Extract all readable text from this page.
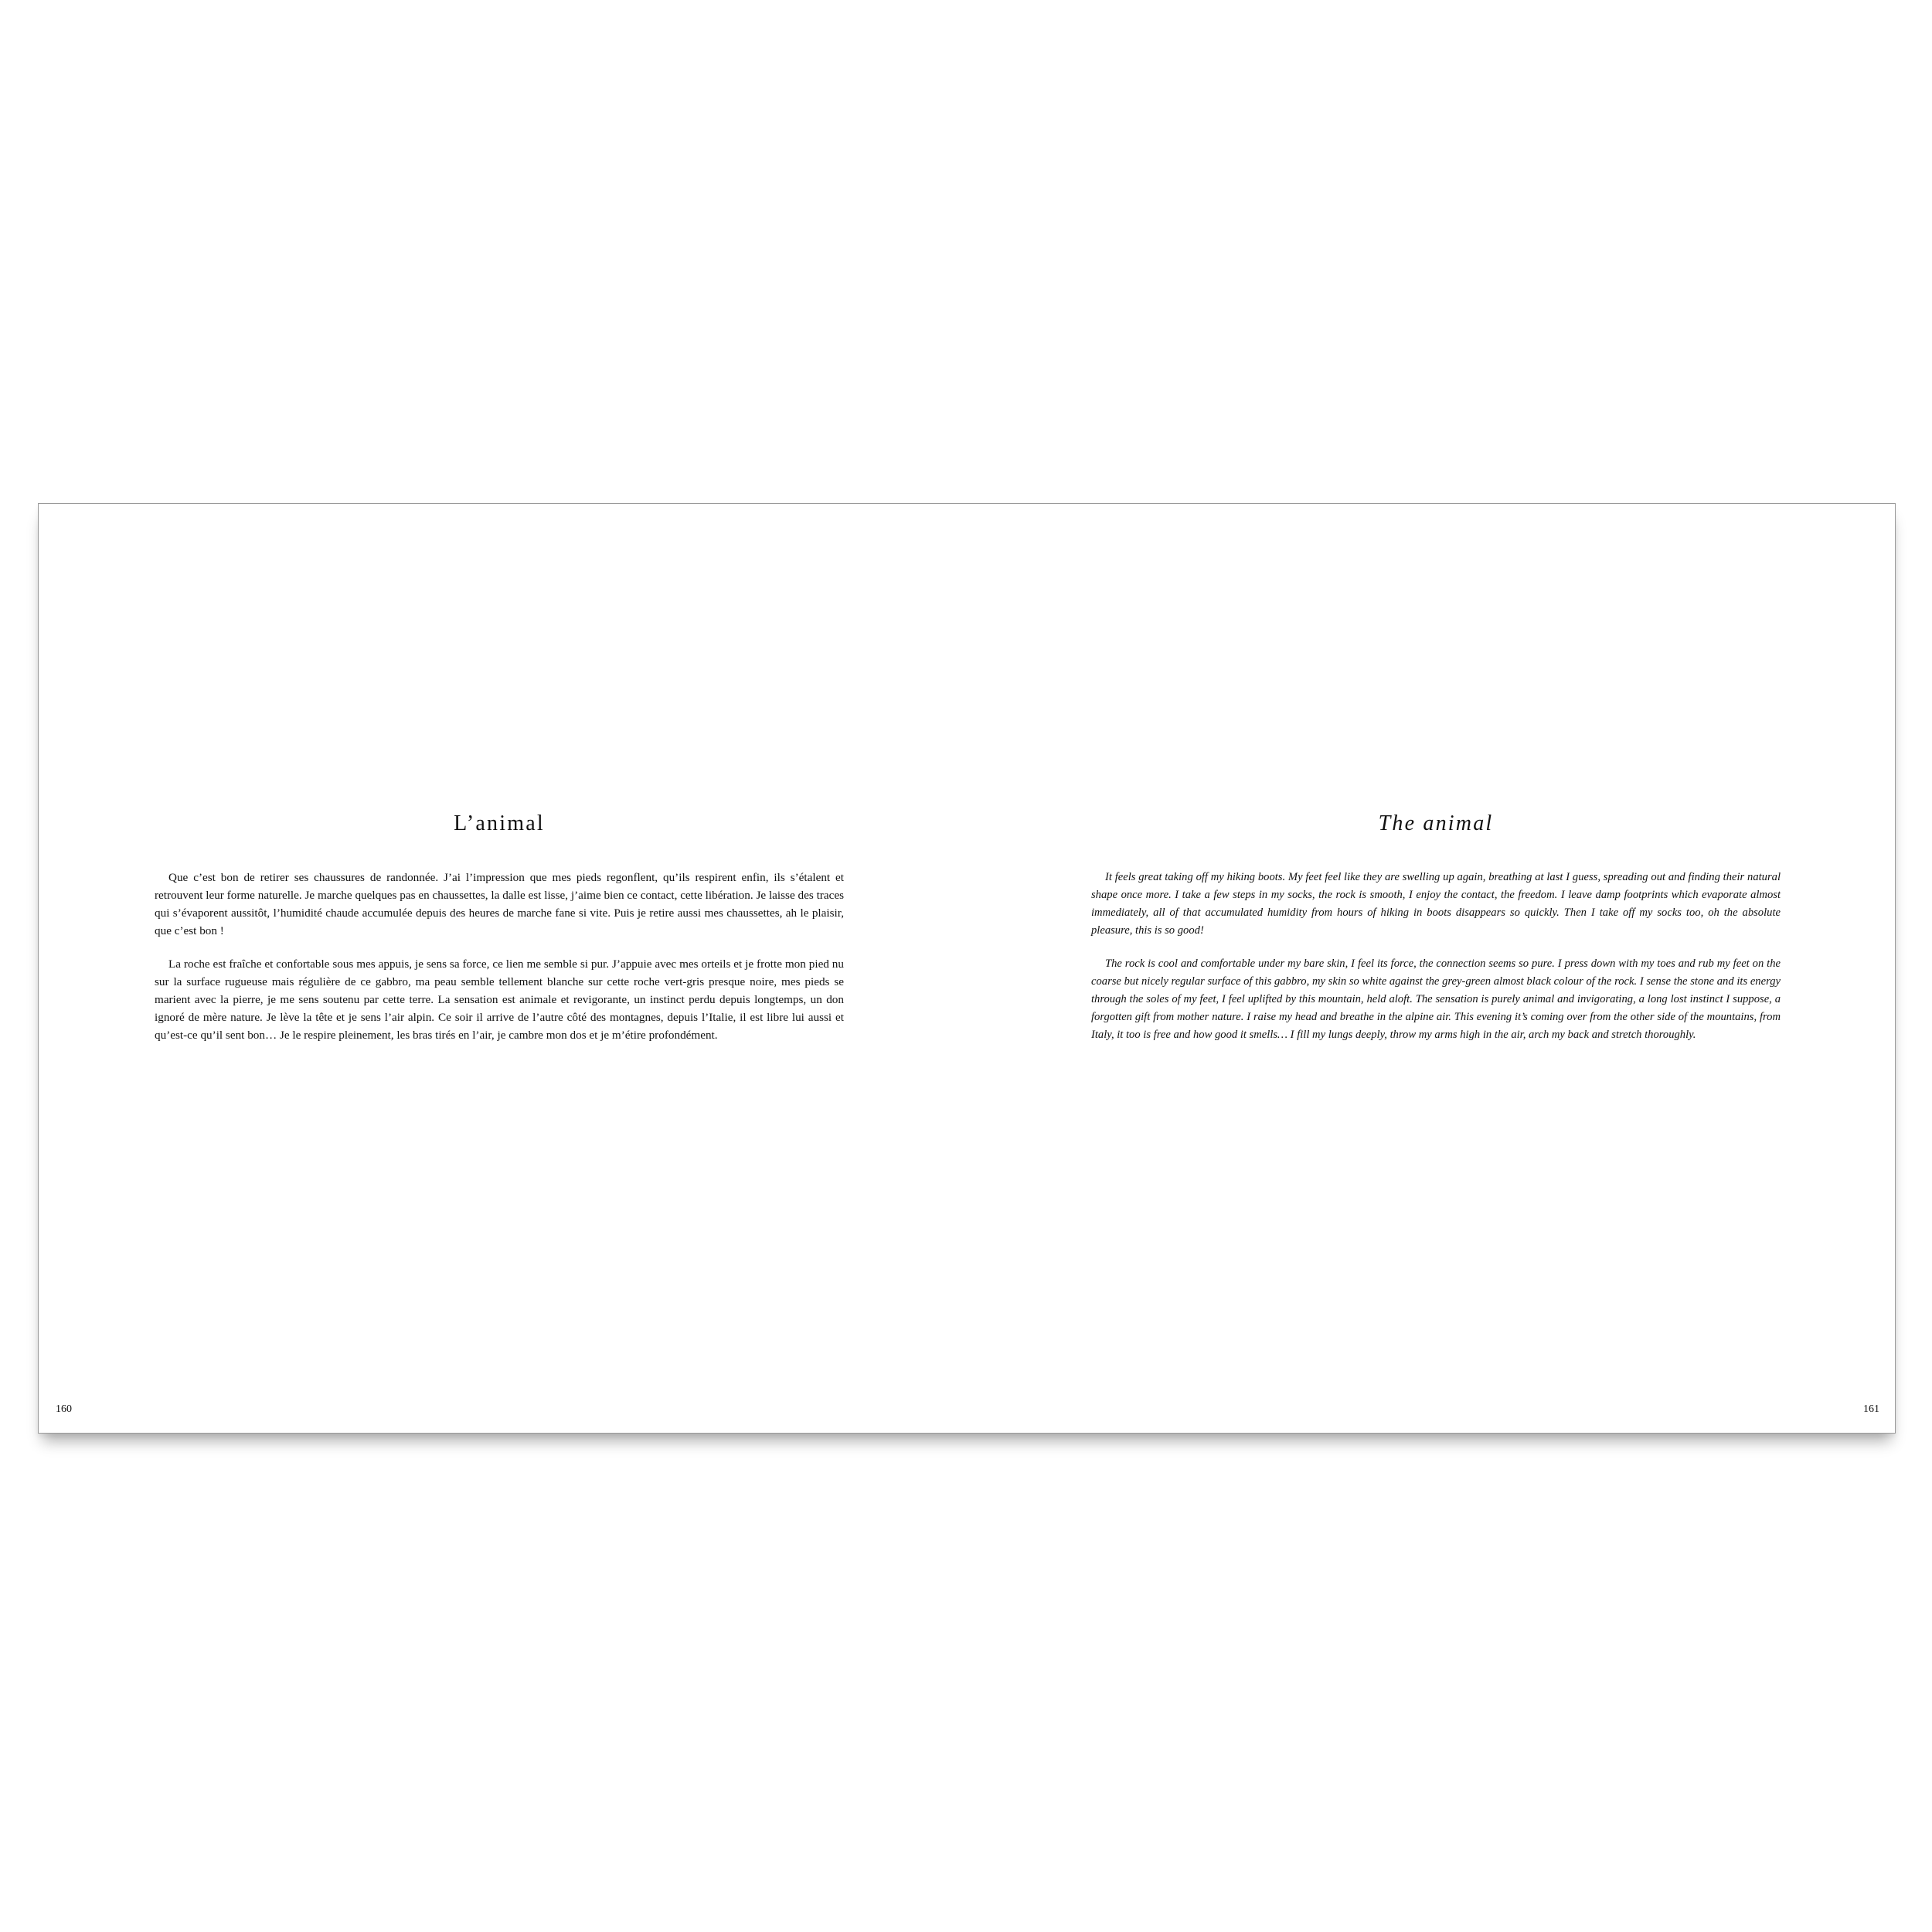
L’animal

Que c’est bon de retirer ses chaussures de randonnée. J’ai l’impression que mes pieds regonflent, qu’ils respirent enfin, ils s’étalent et retrouvent leur forme naturelle. Je marche quelques pas en chaussettes, la dalle est lisse, j’aime bien ce contact, cette libération. Je laisse des traces qui s’évaporent aussitôt, l’humidité chaude accumulée depuis des heures de marche fane si vite. Puis je retire aussi mes chaussettes, ah le plaisir, que c’est bon !

La roche est fraîche et confortable sous mes appuis, je sens sa force, ce lien me semble si pur. J’appuie avec mes orteils et je frotte mon pied nu sur la surface rugueuse mais régulière de ce gabbro, ma peau semble tellement blanche sur cette roche vert-gris presque noire, mes pieds se marient avec la pierre, je me sens soutenu par cette terre. La sensation est animale et revigorante, un instinct perdu depuis longtemps, un don ignoré de mère nature. Je lève la tête et je sens l’air alpin. Ce soir il arrive de l’autre côté des montagnes, depuis l’Italie, il est libre lui aussi et qu’est-ce qu’il sent bon… Je le respire pleinement, les bras tirés en l’air, je cambre mon dos et je m’étire profondément.

160
The animal

It feels great taking off my hiking boots. My feet feel like they are swelling up again, breathing at last I guess, spreading out and finding their natural shape once more. I take a few steps in my socks, the rock is smooth, I enjoy the contact, the freedom. I leave damp footprints which evaporate almost immediately, all of that accumulated humidity from hours of hiking in boots disappears so quickly. Then I take off my socks too, oh the absolute pleasure, this is so good!

The rock is cool and comfortable under my bare skin, I feel its force, the connection seems so pure. I press down with my toes and rub my feet on the coarse but nicely regular surface of this gabbro, my skin so white against the grey-green almost black colour of the rock. I sense the stone and its energy through the soles of my feet, I feel uplifted by this mountain, held aloft. The sensation is purely animal and invigorating, a long lost instinct I suppose, a forgotten gift from mother nature. I raise my head and breathe in the alpine air. This evening it’s coming over from the other side of the mountains, from Italy, it too is free and how good it smells… I fill my lungs deeply, throw my arms high in the air, arch my back and stretch thoroughly.

161
